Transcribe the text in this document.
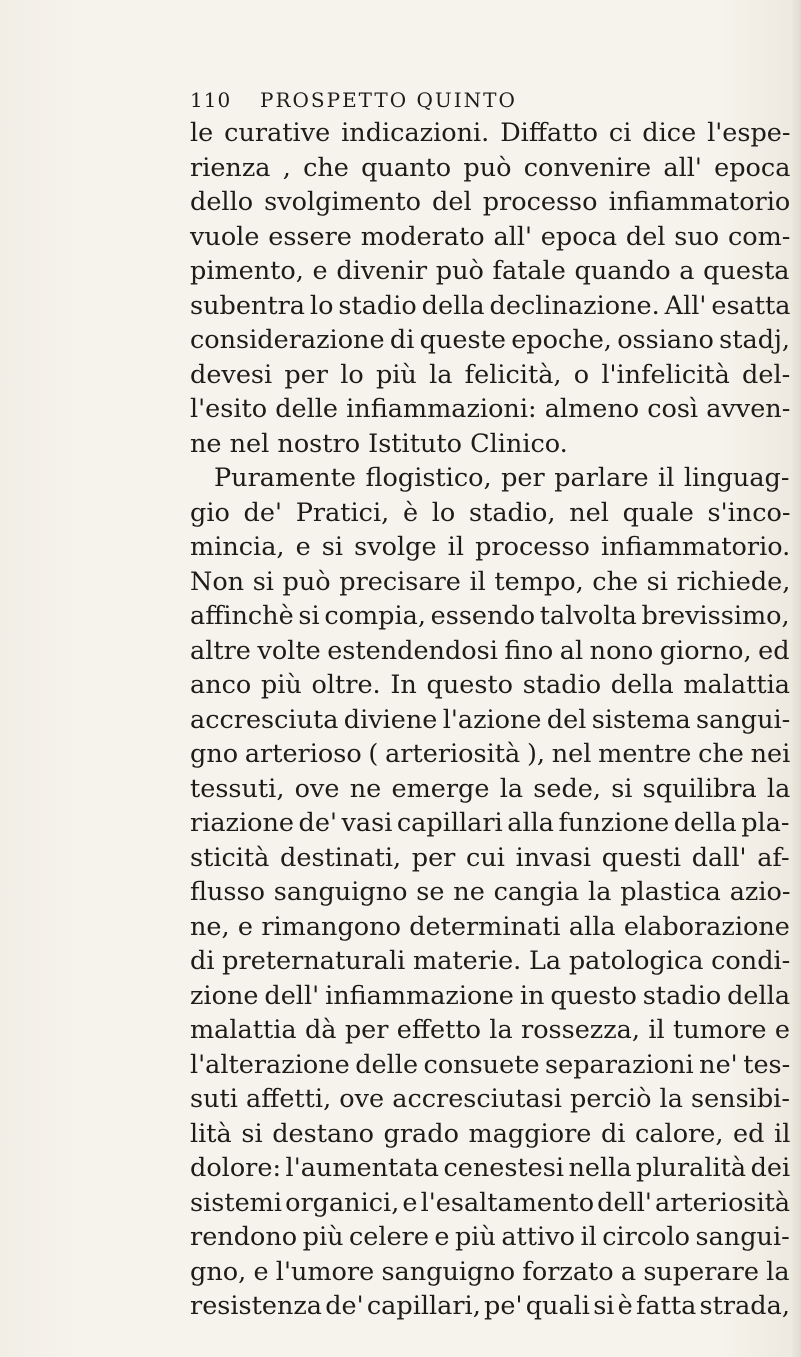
110 PROSPETTO QUINTO
le curative indicazioni. Diffatto ci dice l'espe-
rienza , che quanto può convenire all' epoca
dello svolgimento del processo infiammatorio
vuole essere moderato all' epoca del suo com-
pimento, e divenir può fatale quando a questa
subentra lo stadio della declinazione. All' esatta
considerazione di queste epoche, ossiano stadj,
devesi per lo più la felicità, o l'infelicità del-
l'esito delle infiammazioni: almeno così avven-
ne nel nostro Istituto Clinico.
Puramente flogistico, per parlare il linguag-
gio de' Pratici, è lo stadio, nel quale s'inco-
mincia, e si svolge il processo infiammatorio.
Non si può precisare il tempo, che si richiede,
affinchè si compia, essendo talvolta brevissimo,
altre volte estendendosi fino al nono giorno, ed
anco più oltre. In questo stadio della malattia
accresciuta diviene l'azione del sistema sangui-
gno arterioso ( arteriosità ), nel mentre che nei
tessuti, ove ne emerge la sede, si squilibra la
riazione de' vasi capillari alla funzione della pla-
sticità destinati, per cui invasi questi dall' af-
flusso sanguigno se ne cangia la plastica azio-
ne, e rimangono determinati alla elaborazione
di preternaturali materie. La patologica condi-
zione dell' infiammazione in questo stadio della
malattia dà per effetto la rossezza, il tumore e
l'alterazione delle consuete separazioni ne' tes-
suti affetti, ove accresciutasi perciò la sensibi-
lità si destano grado maggiore di calore, ed il
dolore: l'aumentata cenestesi nella pluralità dei
sistemi organici, e l'esaltamento dell' arteriosità
rendono più celere e più attivo il circolo sangui-
gno, e l'umore sanguigno forzato a superare la
resistenza de' capillari, pe' quali si è fatta strada,
